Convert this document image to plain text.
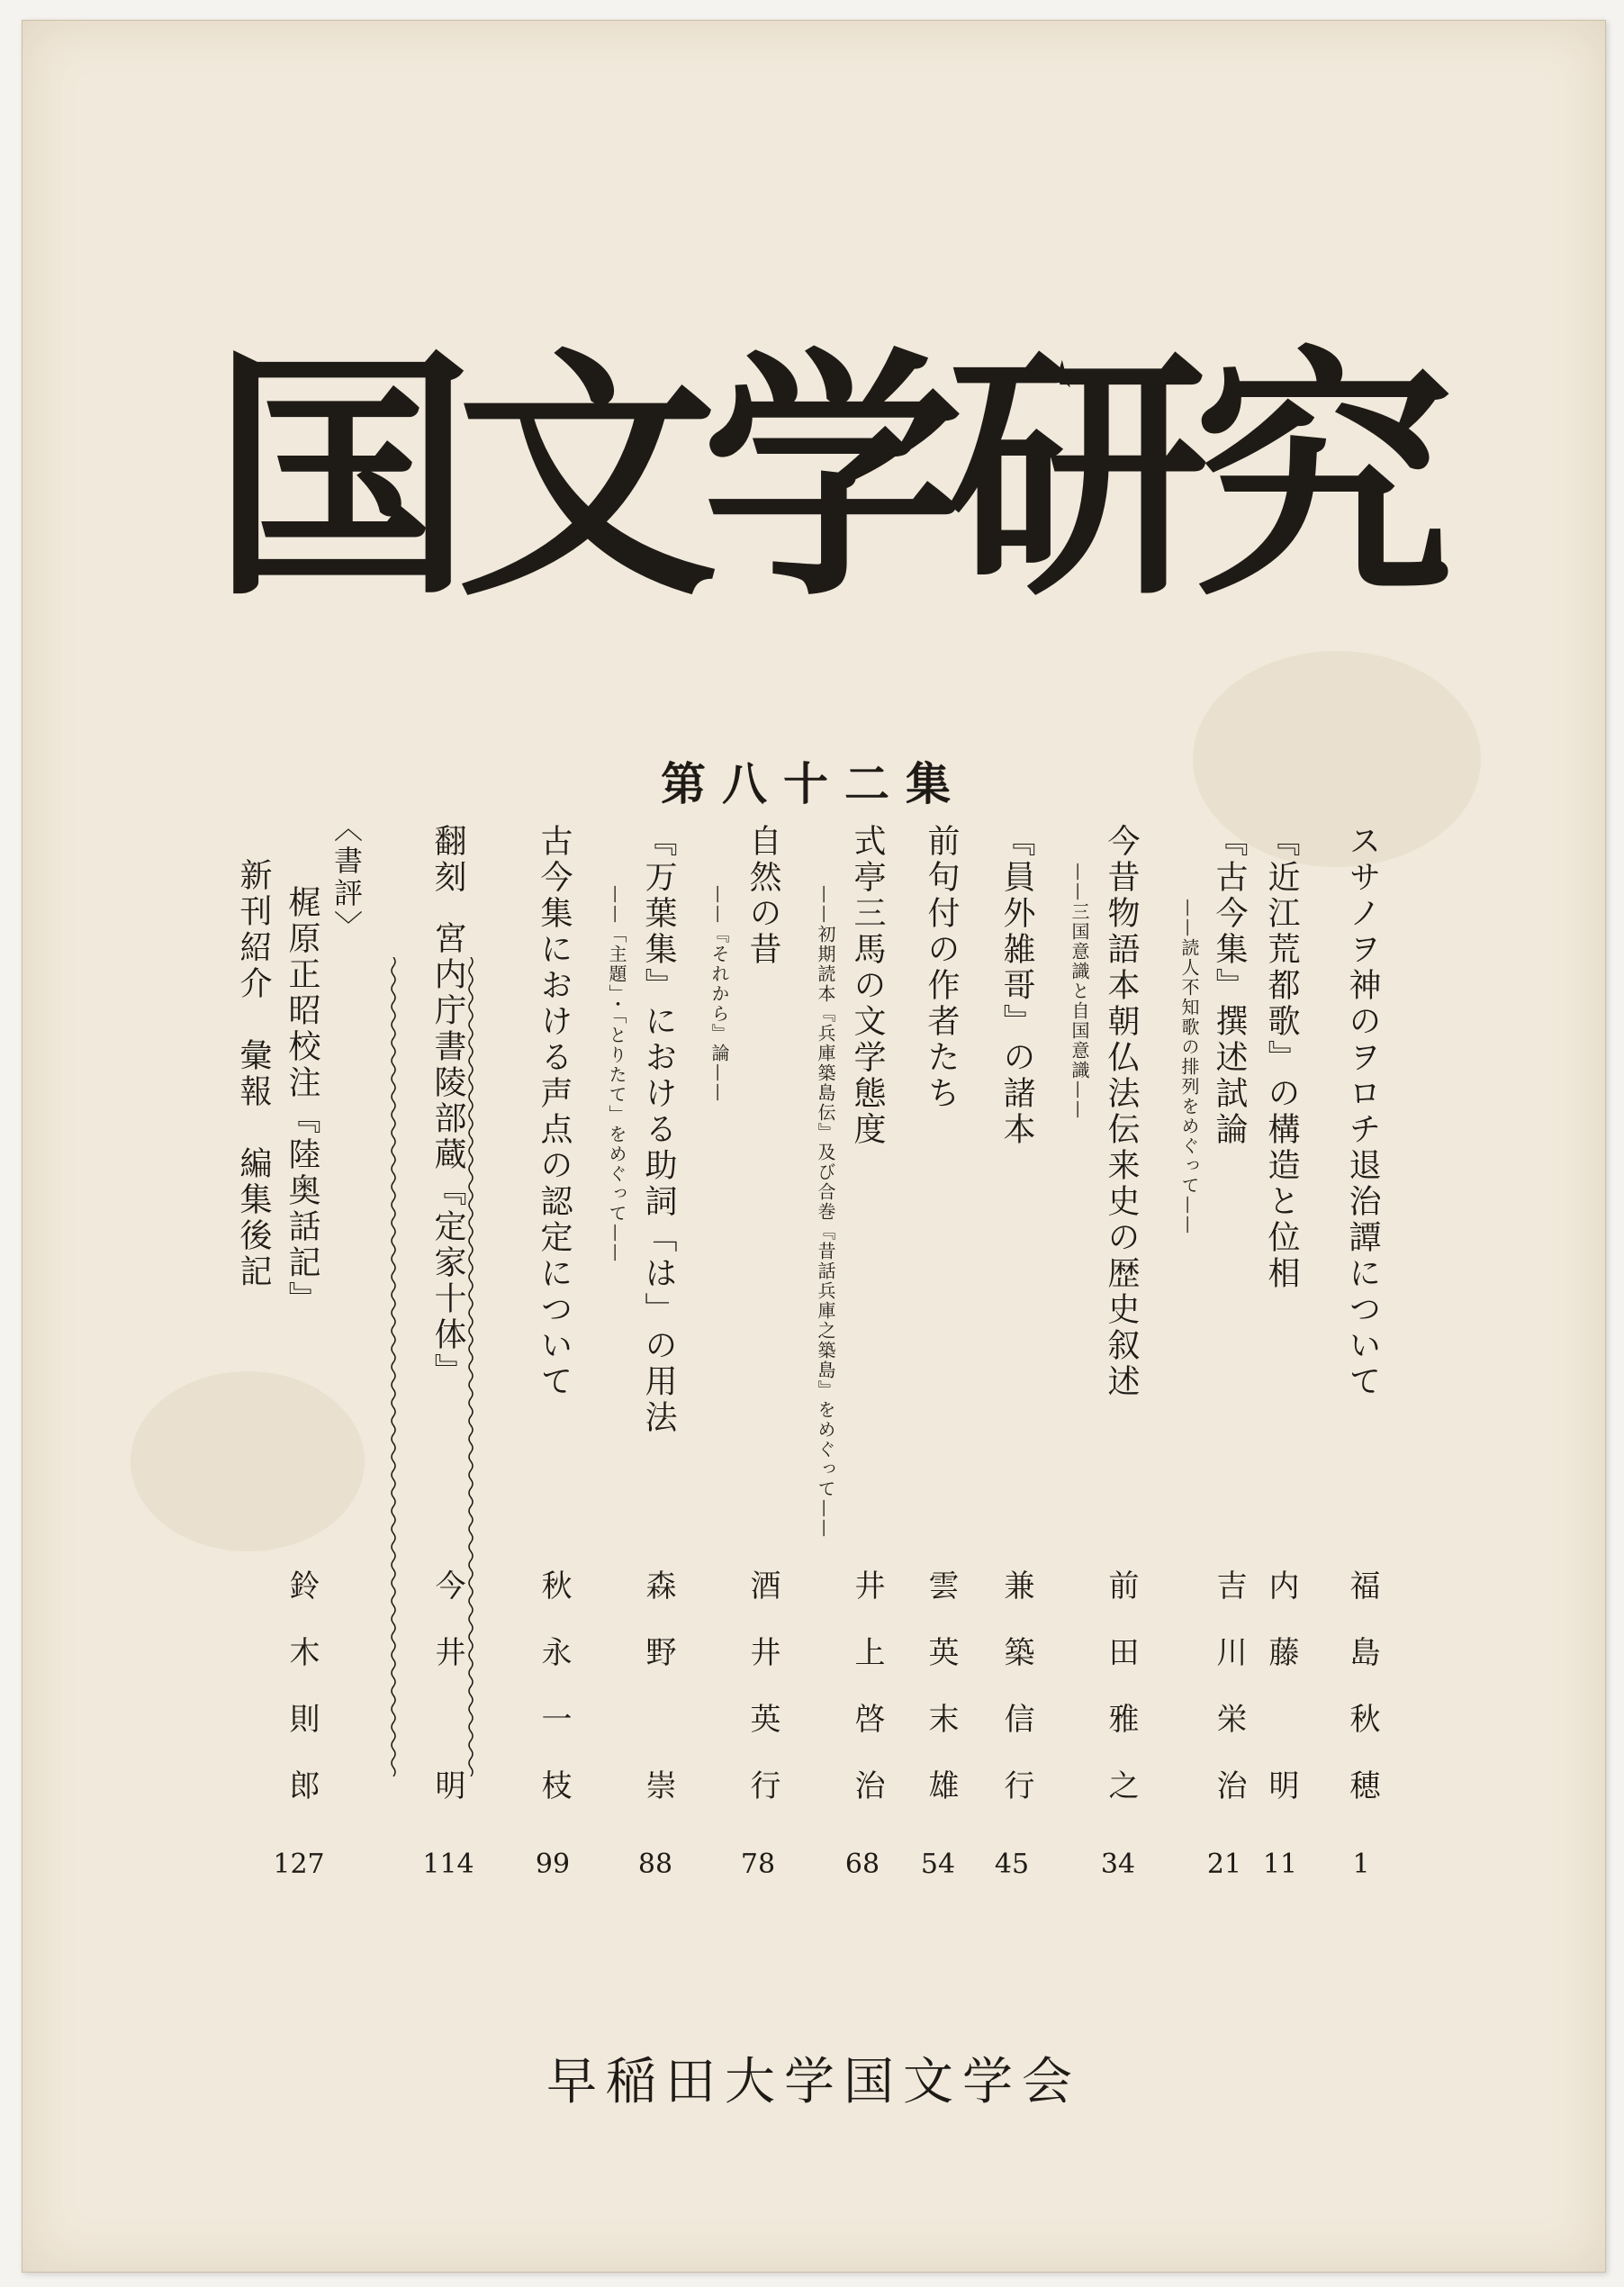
国
文
学
研
究
第八十二集
スサノヲ神のヲロチ退治譚について
福島秋穂
1
『近江荒都歌』の構造と位相
内藤　明
11
『古今集』撰述試論
——読人不知歌の排列をめぐって——
吉川栄治
21
今昔物語本朝仏法伝来史の歴史叙述
——三国意識と自国意識——
前田雅之
34
『員外雑哥』の諸本
兼築信行
45
前句付の作者たち
雲英末雄
54
式亭三馬の文学態度
——初期読本『兵庫築島伝』及び合巻『昔話兵庫之築島』をめぐって——
井上啓治
68
自然の昔
——『それから』論——
酒井英行
78
『万葉集』における助詞「は」の用法
——「主題」・「とりたて」をめぐって——
森野　崇
88
古今集における声点の認定について
秋永一枝
99
翻刻
宮内庁書陵部蔵『定家十体』
今井　明
114
〈書評〉
梶原正昭校注『陸奥話記』
鈴木則郎
127
新刊紹介　彙報　編集後記
早稲田大学国文学会
